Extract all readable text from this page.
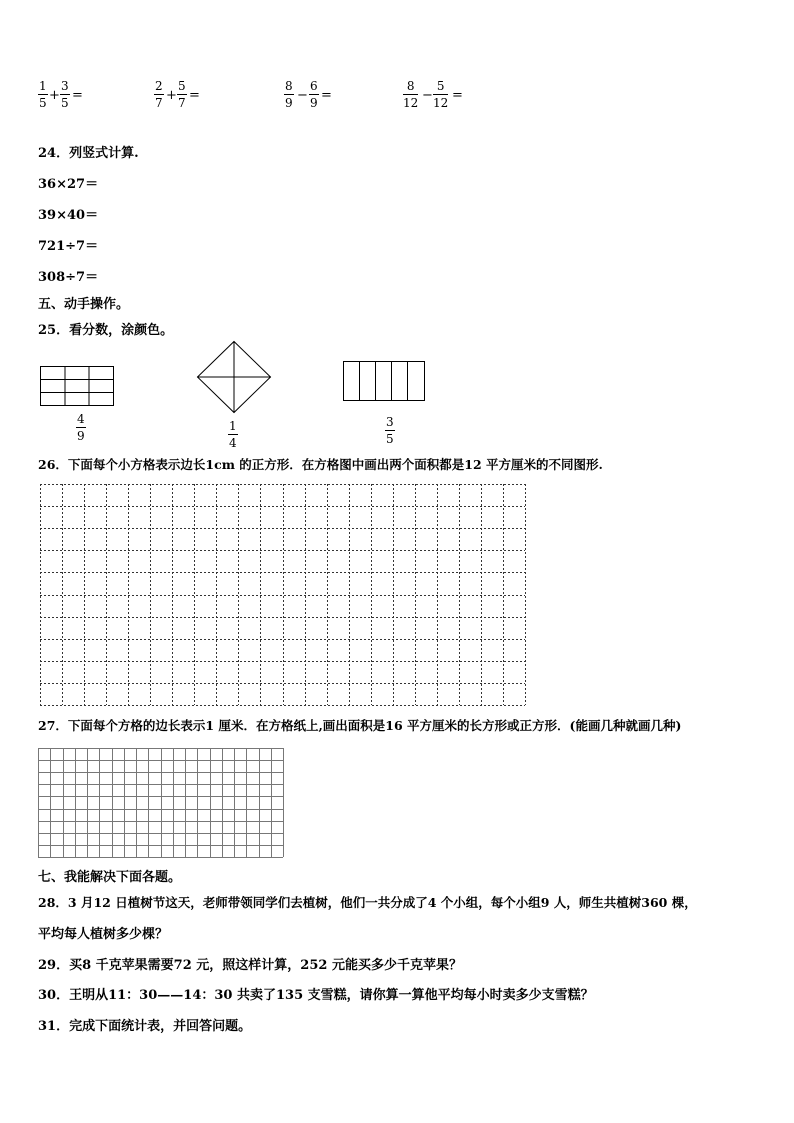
1
5 +
3
5 =
2
7 +
5
7 =
8
9 −
6
9 =
8
12 −
5
12 =
24．列竖式计算.
36×27＝
39×40＝
721÷7＝
308÷7＝
五、动手操作。
25．看分数，涂颜色。
4
9
1
4
3
5
26．下面每个小方格表示边长1cm 的正方形．在方格图中画出两个面积都是12 平方厘米的不同图形.
27．下面每个方格的边长表示1 厘米．在方格纸上,画出面积是16 平方厘米的长方形或正方形．(能画几种就画几种)
七、我能解决下面各题。
28．3 月12 日植树节这天，老师带领同学们去植树，他们一共分成了4 个小组，每个小组9 人，师生共植树360 棵，
平均每人植树多少棵？
29．买8 千克苹果需要72 元，照这样计算，252 元能买多少千克苹果？
30．王明从11：30——14：30 共卖了135 支雪糕，请你算一算他平均每小时卖多少支雪糕？
31．完成下面统计表，并回答问题。
